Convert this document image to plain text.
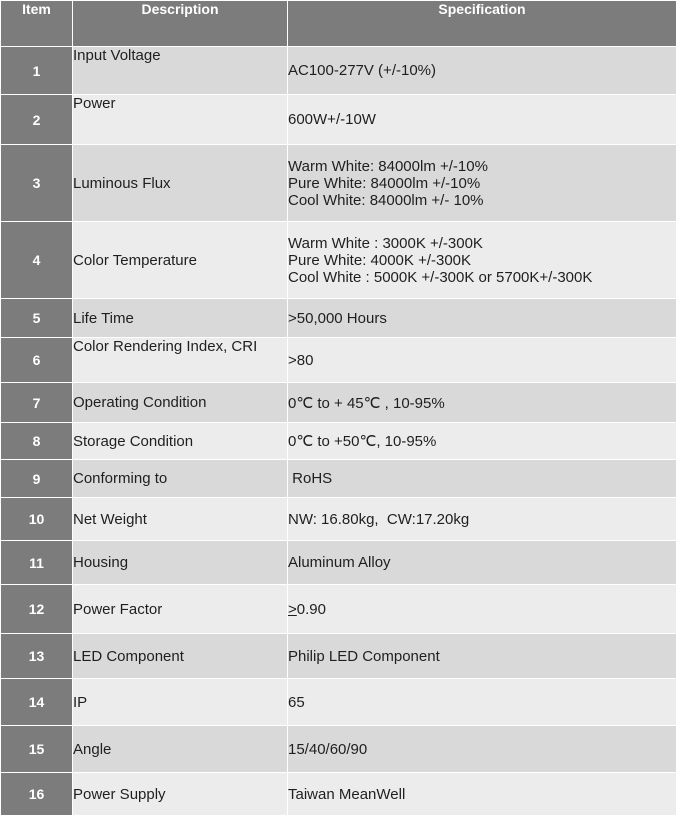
Item	Description	Specification
1	Input Voltage	AC100-277V (+/-10%)
2	Power	600W+/-10W
3	Luminous Flux	Warm White: 84000lm +/-10%
Pure White: 84000lm +/-10%
Cool White: 84000lm +/- 10%

4	Color Temperature	Warm White : 3000K +/-300K
Pure White: 4000K +/-300K
Cool White : 5000K +/-300K or 5700K+/-300K

5	Life Time	>50,000 Hours
6	Color Rendering Index, CRI	>80
7	Operating Condition	0℃ to + 45℃ , 10-95%
8	Storage Condition	0℃ to +50℃, 10-95%
9	Conforming to	RoHS
10	Net Weight	NW: 16.80kg,  CW:17.20kg
11	Housing	Aluminum Alloy
12	Power Factor	>0.90
13	LED Component	Philip LED Component
14	IP	65
15	Angle	15/40/60/90
16	Power Supply	Taiwan MeanWell
